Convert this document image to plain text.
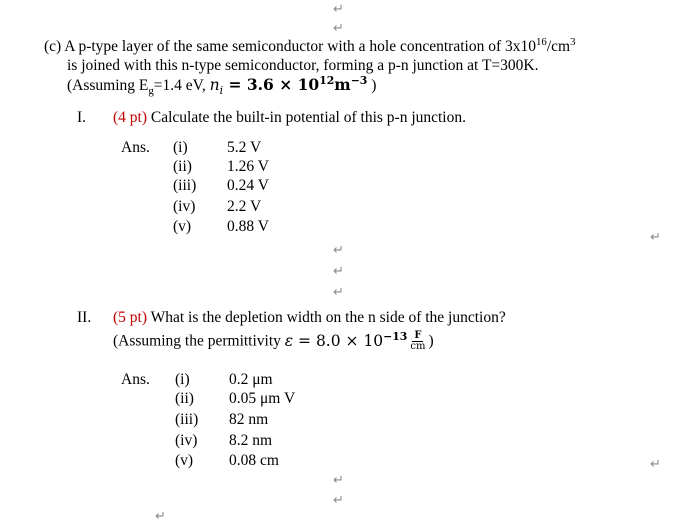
↵
↵
(c) A p-type layer of the same semiconductor with a hole concentration of $3x10^{16}/cm^3$
is joined with this n-type semiconductor, forming a p-n junction at T=300K.
(Assuming $E_g=1.4$ eV, $n_i = 3.6 \times 10^{12}m^{-3}$ )
I. (4 pt) Calculate the built-in potential of this p-n junction.
Ans. (i)	5.2 V
(ii) 1.26 V
(iii) 0.24 V
(iv) 2.2 V
(v) 0.88 V
↵
↵
↵
↵
II. (5 pt) What is the depletion width on the n side of the junction?
(Assuming the permittivity $\varepsilon = 8.0 \times 10^{-13} \frac{F}{cm}$ )
Ans. (i)	0.2 μm
(ii) 0.05 μm V
(iii) 82 nm
(iv) 8.2 nm
(v) 0.08 cm	↵
↵
↵
↵
